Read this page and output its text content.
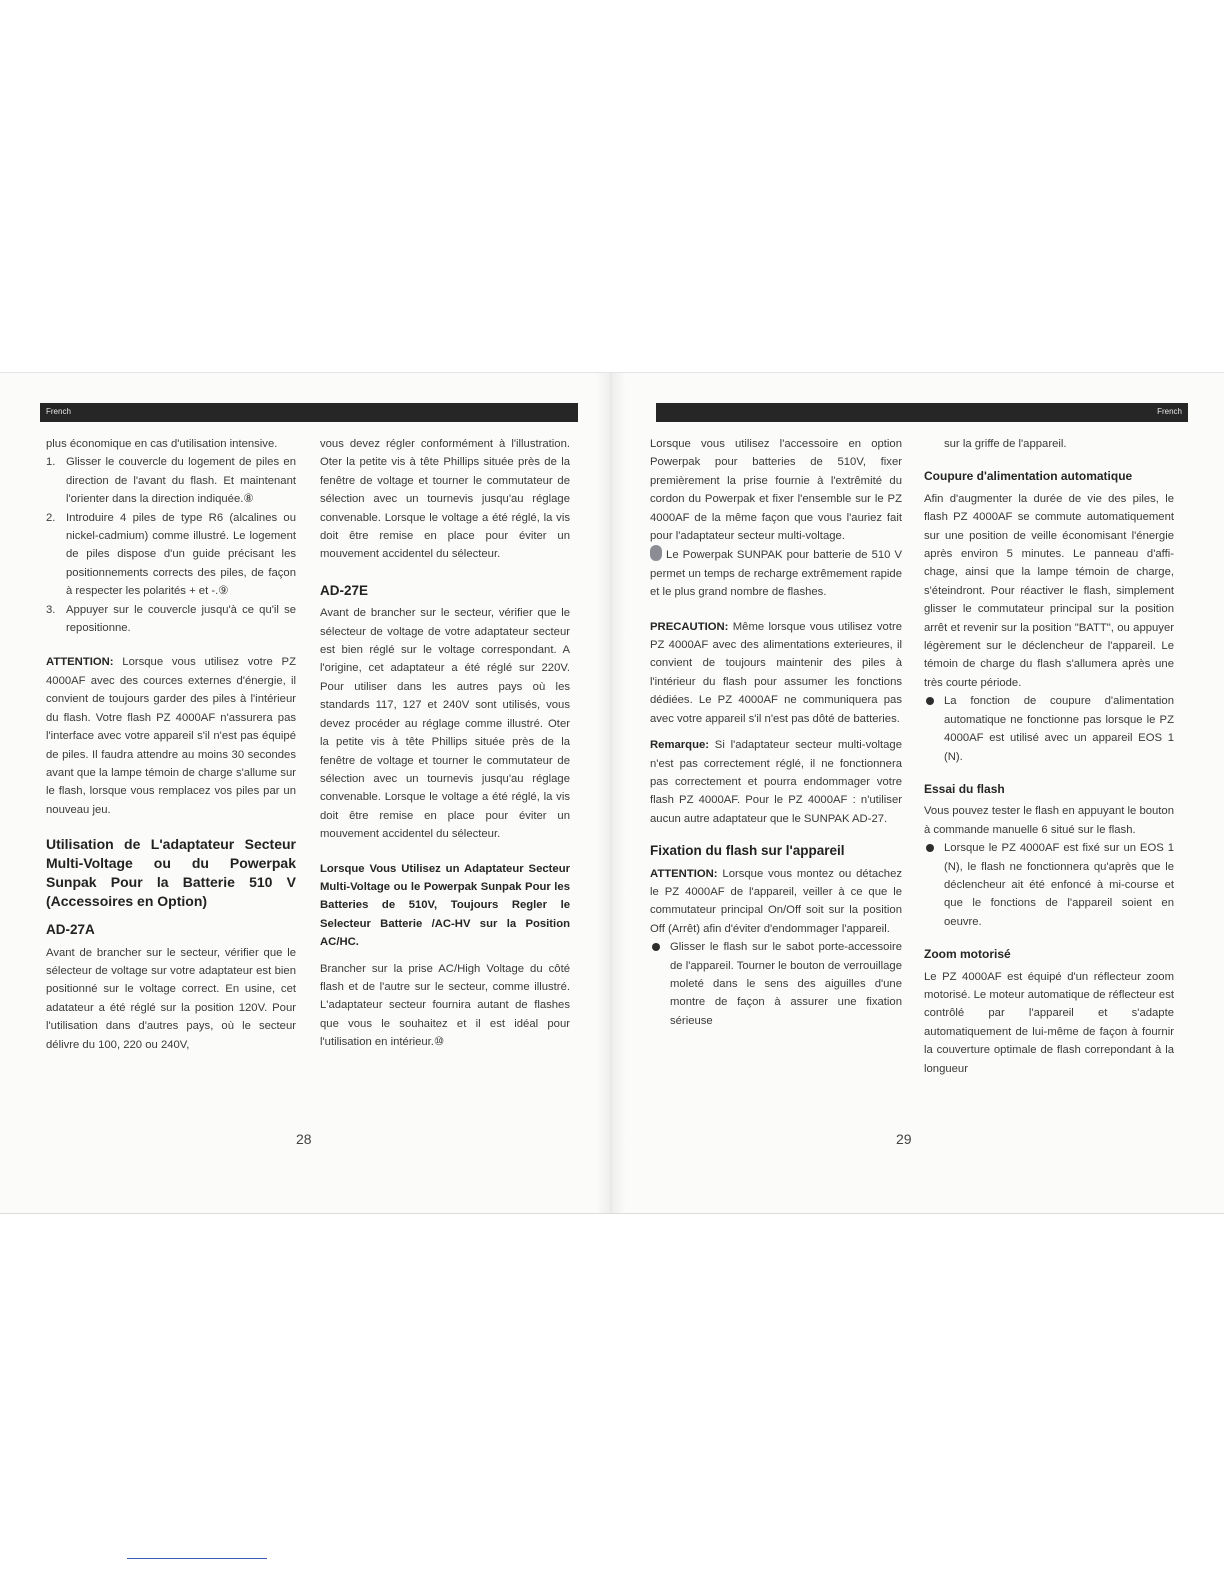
French

plus économique en cas d'utilisation intensive.

1. Glisser le couvercle du logement de piles en direction de l'avant du flash. Et maintenant l'orienter dans la direction indiquée.⑧
2. Introduire 4 piles de type R6 (alcalines ou nickel-cadmium) comme illustré. Le logement de piles dispose d'un guide précisant les positionnements corrects des piles, de façon à respecter les polarités + et -.⑨
3. Appuyer sur le couvercle jusqu'à ce qu'il se repositionne.

ATTENTION: Lorsque vous utilisez votre PZ 4000AF avec des cources externes d'énergie, il convient de toujours garder des piles à l'intérieur du flash. Votre flash PZ 4000AF n'assurera pas l'interface avec votre appareil s'il n'est pas équipé de piles. Il faudra attendre au moins 30 secondes avant que la lampe témoin de charge s'allume sur le flash, lorsque vous remplacez vos piles par un nouveau jeu.

Utilisation de L'adaptateur Secteur Multi-Voltage ou du Powerpak Sunpak Pour la Batterie 510 V (Accessoires en Option)
AD-27A

Avant de brancher sur le secteur, vérifier que le sélecteur de voltage sur votre adaptateur est bien positionné sur le voltage correct. En usine, cet adatateur a été réglé sur la position 120V. Pour l'utilisation dans d'autres pays, où le secteur délivre du 100, 220 ou 240V,

vous devez régler conformément à l'illustration. Oter la petite vis à tête Phillips située près de la fenêtre de voltage et tourner le commutateur de sélection avec un tournevis jusqu'au réglage convenable. Lorsque le voltage a été réglé, la vis doit être remise en place pour éviter un mouvement accidentel du sélecteur.

AD-27E

Avant de brancher sur le secteur, vérifier que le sélecteur de voltage de votre adaptateur secteur est bien réglé sur le voltage correspondant. A l'origine, cet adaptateur a été réglé sur 220V. Pour utiliser dans les autres pays où les standards 117, 127 et 240V sont utilisés, vous devez procéder au réglage comme illustré. Oter la petite vis à tête Phillips située près de la fenêtre de voltage et tourner le commutateur de sélection avec un tournevis jusqu'au réglage convenable. Lorsque le voltage a été réglé, la vis doit être remise en place pour éviter un mouvement accidentel du sélecteur.

Lorsque Vous Utilisez un Adaptateur Secteur Multi-Voltage ou le Powerpak Sunpak Pour les Batteries de 510V, Toujours Regler le Selecteur Batterie /AC-HV sur la Position AC/HC.

Brancher sur la prise AC/High Voltage du côté flash et de l'autre sur le secteur, comme illustré. L'adaptateur secteur fournira autant de flashes que vous le souhaitez et il est idéal pour l'utilisation en intérieur.⑩

28
French

Lorsque vous utilisez l'accessoire en option Powerpak pour batteries de 510V, fixer premièrement la prise fournie à l'extrêmité du cordon du Powerpak et fixer l'ensemble sur le PZ 4000AF de la même façon que vous l'auriez fait pour l'adaptateur secteur multi-voltage.

Le Powerpak SUNPAK pour batterie de 510 V permet un temps de recharge extrêmement rapide et le plus grand nombre de flashes.

PRECAUTION: Même lorsque vous utilisez votre PZ 4000AF avec des alimentations exterieures, il convient de toujours maintenir des piles à l'intérieur du flash pour assumer les fonctions dédiées. Le PZ 4000AF ne communiquera pas avec votre appareil s'il n'est pas dôté de batteries.

Remarque: Si l'adaptateur secteur multi-voltage n'est pas correctement réglé, il ne fonctionnera pas correctement et pourra endommager votre flash PZ 4000AF. Pour le PZ 4000AF : n'utiliser aucun autre adaptateur que le SUNPAK AD-27.

Fixation du flash sur l'appareil

ATTENTION: Lorsque vous montez ou détachez le PZ 4000AF de l'appareil, veiller à ce que le commutateur principal On/Off soit sur la position Off (Arrêt) afin d'éviter d'endommager l'appareil.

Glisser le flash sur le sabot porte-accessoire de l'appareil. Tourner le bouton de verrouillage moleté dans le sens des aiguilles d'une montre de façon à assurer une fixation sérieuse

sur la griffe de l'appareil.

Coupure d'alimentation automatique

Afin d'augmenter la durée de vie des piles, le flash PZ 4000AF se commute automatiquement sur une position de veille économisant l'énergie après environ 5 minutes. Le panneau d'affi-chage, ainsi que la lampe témoin de charge, s'éteindront. Pour réactiver le flash, simplement glisser le commutateur principal sur la position arrêt et revenir sur la position "BATT", ou appuyer légèrement sur le déclencheur de l'appareil. Le témoin de charge du flash s'allumera après une très courte période.

La fonction de coupure d'alimentation automatique ne fonctionne pas lorsque le PZ 4000AF est utilisé avec un appareil EOS 1 (N).
Essai du flash

Vous pouvez tester le flash en appuyant le bouton à commande manuelle 6 situé sur le flash.

Lorsque le PZ 4000AF est fixé sur un EOS 1 (N), le flash ne fonctionnera qu'après que le déclencheur ait été enfoncé à mi-course et que le fonctions de l'appareil soient en oeuvre.
Zoom motorisé

Le PZ 4000AF est équipé d'un réflecteur zoom motorisé. Le moteur automatique de réflecteur est contrôlé par l'appareil et s'adapte automatiquement de lui-même de façon à fournir la couverture optimale de flash correpondant à la longueur

29
